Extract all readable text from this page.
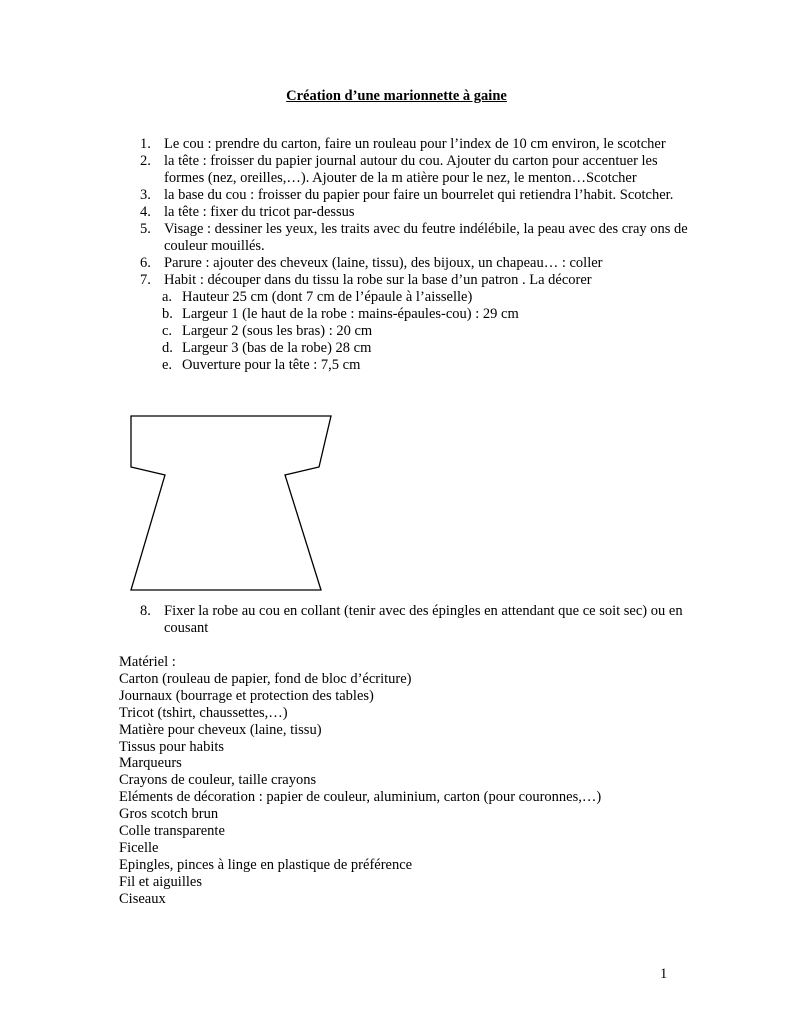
Création d’une marionnette à gaine
1. Le cou : prendre du carton, faire un rouleau pour l’index de 10 cm environ, le scotcher
2. la tête : froisser du papier journal autour du cou. Ajouter du carton pour accentuer les formes (nez, oreilles,…). Ajouter de la m atière pour le nez, le menton…Scotcher
3. la base du cou : froisser du papier pour faire un bourrelet qui retiendra l’habit. Scotcher.
4. la tête : fixer du tricot par-dessus
5. Visage : dessiner les yeux, les traits avec du feutre indélébile, la peau avec des cray ons de couleur mouillés.
6. Parure : ajouter des cheveux (laine, tissu), des bijoux, un chapeau… : coller
7. Habit : découper dans du tissu la robe sur la base d’un patron . La décorer
a. Hauteur 25 cm (dont 7 cm de l’épaule à l’aisselle)
b. Largeur 1 (le haut de la robe : mains-épaules-cou) : 29 cm
c. Largeur 2 (sous les bras) : 20 cm
d. Largeur 3 (bas de la robe) 28 cm
e. Ouverture pour la tête : 7,5 cm
8. Fixer la robe au cou en collant (tenir avec des épingles en attendant que ce soit sec) ou en cousant
Matériel :
Carton (rouleau de papier, fond de bloc d’écriture)
Journaux (bourrage et protection des tables)
Tricot (tshirt, chaussettes,…)
Matière pour cheveux (laine, tissu)
Tissus pour habits
Marqueurs
Crayons de couleur, taille crayons
Eléments de décoration : papier de couleur, aluminium, carton (pour couronnes,…)
Gros scotch brun
Colle transparente
Ficelle
Epingles, pinces à linge en plastique de préférence
Fil et aiguilles
Ciseaux
1
